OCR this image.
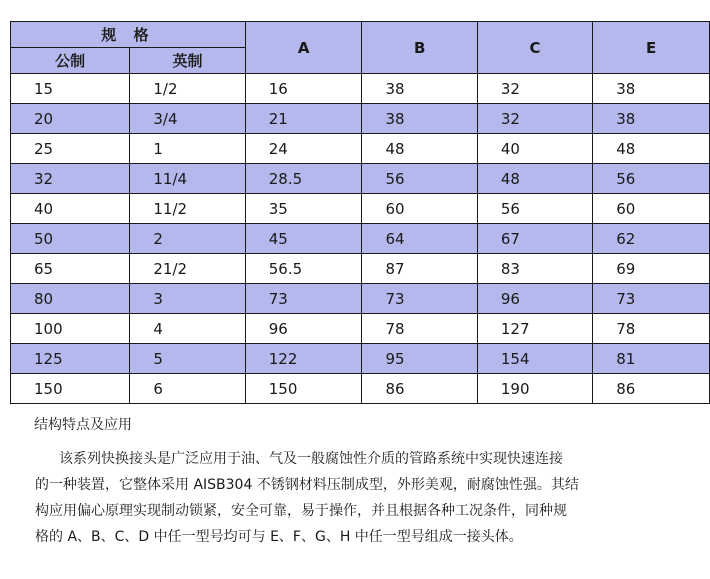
规 格		A	B	C	E
公制	英制				
15	1/2	16	38	32	38
20	3/4	21	38	32	38
25	1	24	48	40	48
32	11/4	28.5	56	48	56
40	11/2	35	60	56	60
50	2	45	64	67	62
65	21/2	56.5	87	83	69
80	3	73	73	96	73
100	4	96	78	127	78
125	5	122	95	154	81
150	6	150	86	190	86
结构特点及应用
该系列快换接头是广泛应用于油、气及一般腐蚀性介质的管路系统中实现快速连接
的一种装置，它整体采用 AISB304 不锈钢材料压制成型，外形美观，耐腐蚀性强。其结
构应用偏心原理实现制动锁紧，安全可靠，易于操作，并且根据各种工况条件，同种规
格的 A、B、C、D 中任一型号均可与 E、F、G、H 中任一型号组成一接头体。
